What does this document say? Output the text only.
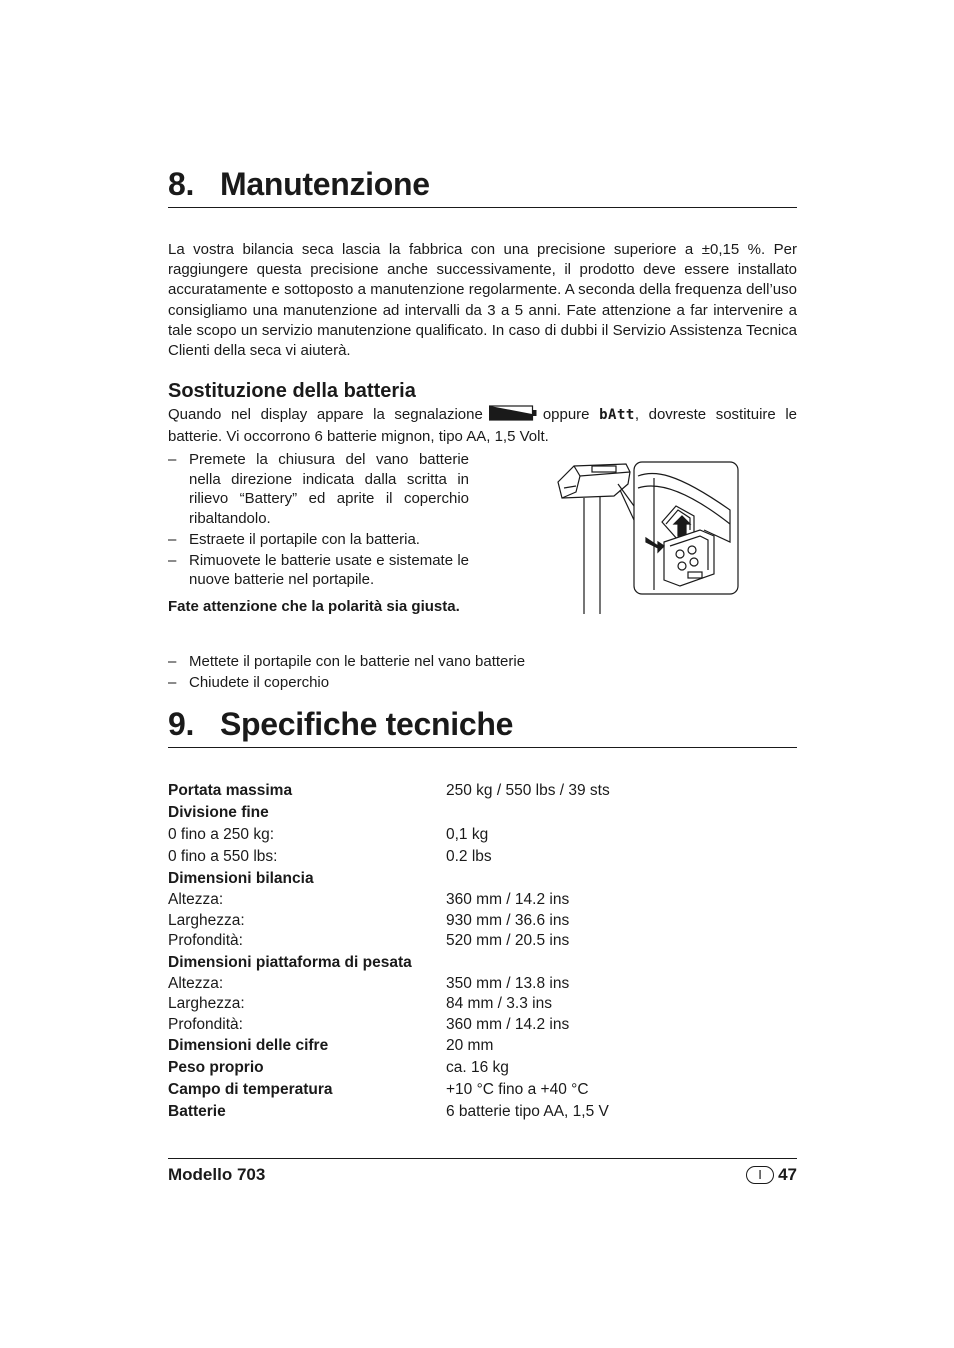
8. Manutenzione

La vostra bilancia seca lascia la fabbrica con una precisione superiore a ±0,15 %. Per raggiungere questa precisione anche successivamente, il prodotto deve essere installato accuratamente e sottoposto a manutenzione regolarmente. A seconda della frequenza dell’uso consigliamo una manutenzione ad intervalli da 3 a 5 anni. Fate attenzione a far intervenire a tale scopo un servizio manutenzione qualificato. In caso di dubbi il Servizio Assistenza Tecnica Clienti della seca vi aiuterà.

Sostituzione della batteria

Quando nel display appare la segnalazione	oppure bAtt, dovreste sostituire le batterie. Vi occorrono 6 batterie mignon, tipo AA, 1,5 Volt.

– Premete la chiusura del vano batterie nella direzione indicata dalla scritta in rilievo “Battery” ed aprite il coperchio ribaltandolo.
– Estraete il portapile con la batteria.
– Rimuovete le batterie usate e sistemate le nuove batterie nel portapile.

Fate attenzione che la polarità sia giusta.

– Mettete il portapile con le batterie nel vano batterie
– Chiudete il coperchio
9. Specifiche tecniche
Portata massima	250 kg / 550 lbs / 39 sts
Divisione fine
0 fino a 250 kg:	0,1 kg
0 fino a 550 lbs:	0.2 lbs
Dimensioni bilancia
Altezza:	360 mm / 14.2 ins
Larghezza:	930 mm / 36.6 ins
Profondità:	520 mm / 20.5 ins
Dimensioni piattaforma di pesata
Altezza:	350 mm / 13.8 ins
Larghezza:	84 mm / 3.3 ins
Profondità:	360 mm / 14.2 ins
Dimensioni delle cifre	20 mm
Peso proprio	ca. 16 kg
Campo di temperatura	+10 °C fino a +40 °C
Batterie	6 batterie tipo AA, 1,5 V
Modello 703	I 47
